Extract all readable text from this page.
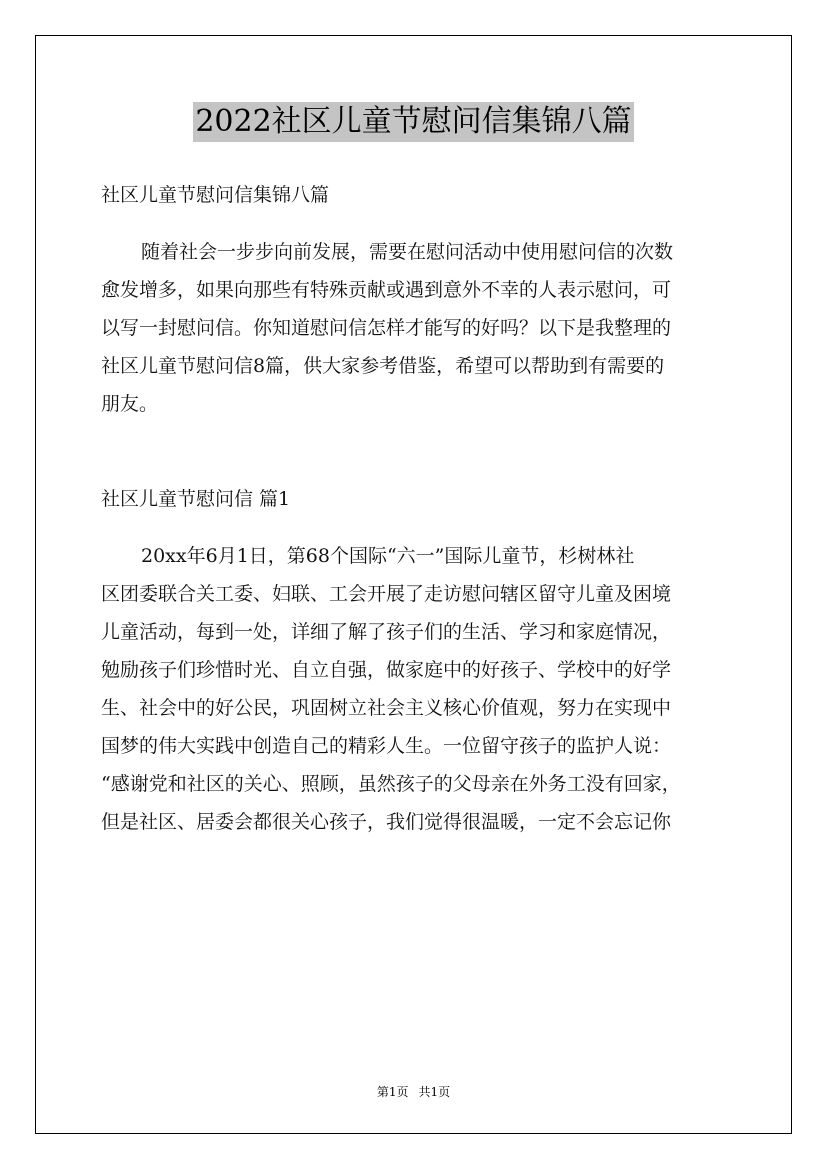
2022社区儿童节慰问信集锦八篇
社区儿童节慰问信集锦八篇
随着社会一步步向前发展，需要在慰问活动中使用慰问信的次数
愈发增多，如果向那些有特殊贡献或遇到意外不幸的人表示慰问，可
以写一封慰问信。你知道慰问信怎样才能写的好吗？以下是我整理的
社区儿童节慰问信8篇，供大家参考借鉴，希望可以帮助到有需要的
朋友。
社区儿童节慰问信 篇1
20xx年6月1日，第68个国际“六一”国际儿童节，杉树林社
区团委联合关工委、妇联、工会开展了走访慰问辖区留守儿童及困境
儿童活动，每到一处，详细了解了孩子们的生活、学习和家庭情况，
勉励孩子们珍惜时光、自立自强，做家庭中的好孩子、学校中的好学
生、社会中的好公民，巩固树立社会主义核心价值观，努力在实现中
国梦的伟大实践中创造自己的精彩人生。一位留守孩子的监护人说：
“感谢党和社区的关心、照顾，虽然孩子的父母亲在外务工没有回家，
但是社区、居委会都很关心孩子，我们觉得很温暖，一定不会忘记你
第1页 共1页
